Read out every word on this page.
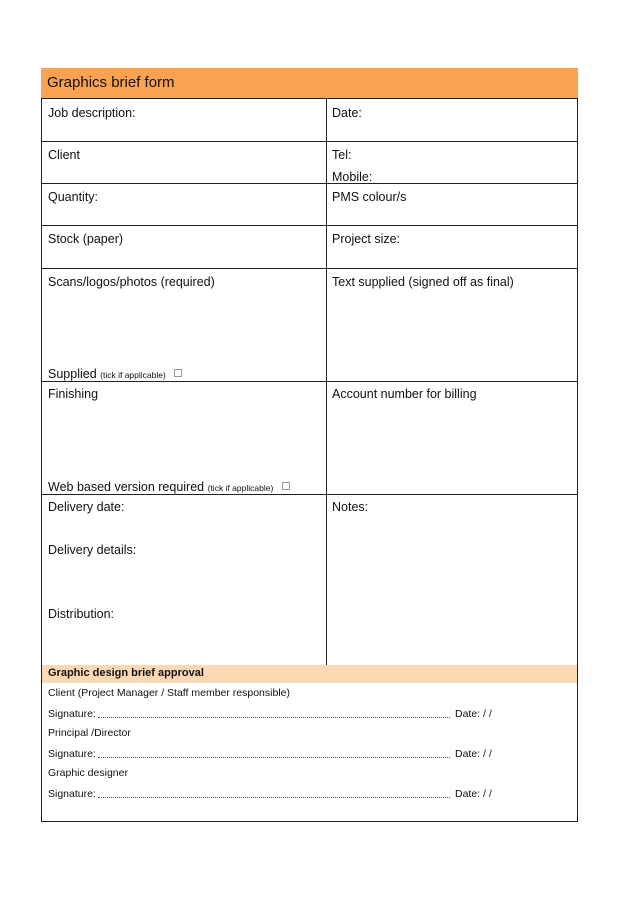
Graphics brief form
Job description:	Date:
Client	Tel:
Mobile:
Quantity:	PMS colour/s
Stock (paper)	Project size:
Scans/logos/photos (required)	Text supplied (signed off as final)
Supplied (tick if applicable)
Finishing	Account number for billing
Web based version required (tick if applicable)
Delivery date:	Notes:
Delivery details:
Distribution:
Graphic design brief approval
Client (Project Manager / Staff member responsible)
Signature:	Date: / /
Principal /Director
Signature:	Date: / /
Graphic designer
Signature:	Date: / /
